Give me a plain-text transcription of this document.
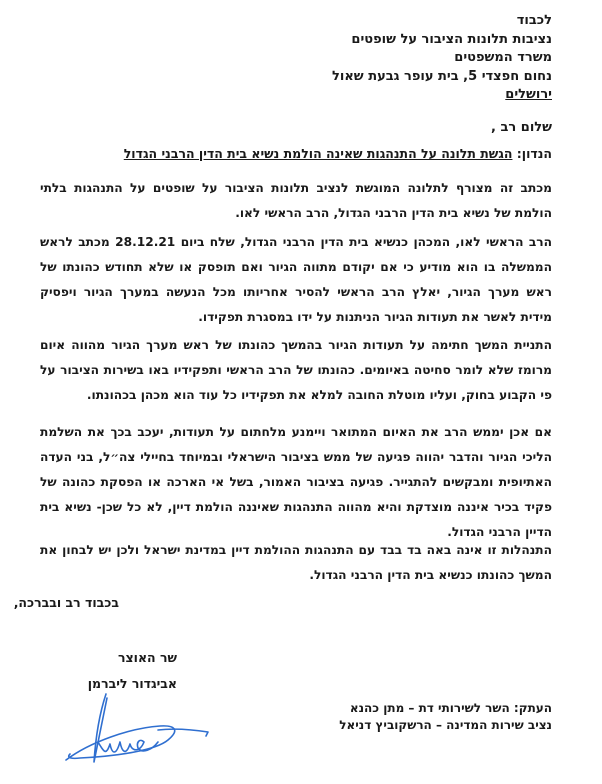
לכבוד
נציבות תלונות הציבור על שופטים
משרד המשפטים
נחום חפצדי 5, בית עופר גבעת שאול
ירושלים
שלום רב ,
הנדון: הגשת תלונה על התנהגות שאינה הולמת נשיא בית הדין הרבני הגדול
מכתב זה מצורף לתלונה המוגשת לנציב תלונות הציבור על שופטים על התנהגות בלתי הולמת של נשיא בית הדין הרבני הגדול, הרב הראשי לאו.
הרב הראשי לאו, המכהן כנשיא בית הדין הרבני הגדול, שלח ביום 28.12.21 מכתב לראש הממשלה בו הוא מודיע כי אם יקודם מתווה הגיור ואם תופסק או שלא תחודש כהונתו של ראש מערך הגיור, יאלץ הרב הראשי להסיר אחריותו מכל הנעשה במערך הגיור ויפסיק מידית לאשר את תעודות הגיור הניתנות על ידו במסגרת תפקידו.
התניית המשך חתימה על תעודות הגיור בהמשך כהונתו של ראש מערך הגיור מהווה איום מרומז שלא לומר סחיטה באיומים. כהונתו של הרב הראשי ותפקידיו באו בשירות הציבור על פי הקבוע בחוק, ועליו מוטלת החובה למלא את תפקידיו כל עוד הוא מכהן בכהונתו.
אם אכן יממש הרב את האיום המתואר ויימנע מלחתום על תעודות, יעכב בכך את השלמת הליכי הגיור והדבר יהווה פגיעה של ממש בציבור הישראלי ובמיוחד בחיילי צה״ל, בני העדה האתיופית ומבקשים להתגייר. פגיעה בציבור האמור, בשל אי הארכה או הפסקת כהונה של פקיד בכיר איננה מוצדקת והיא מהווה התנהגות שאיננה הולמת דיין, לא כל שכן- נשיא בית הדיין הרבני הגדול.
התנהלות זו אינה באה בד בבד עם התנהגות ההולמת דיין במדינת ישראל ולכן יש לבחון את המשך כהונתו כנשיא בית הדין הרבני הגדול.
בכבוד רב ובברכה,
שר האוצר
אביגדור ליברמן
העתק: השר לשירותי דת – מתן כהנא
נציב שירות המדינה – הרשקוביץ דניאל
